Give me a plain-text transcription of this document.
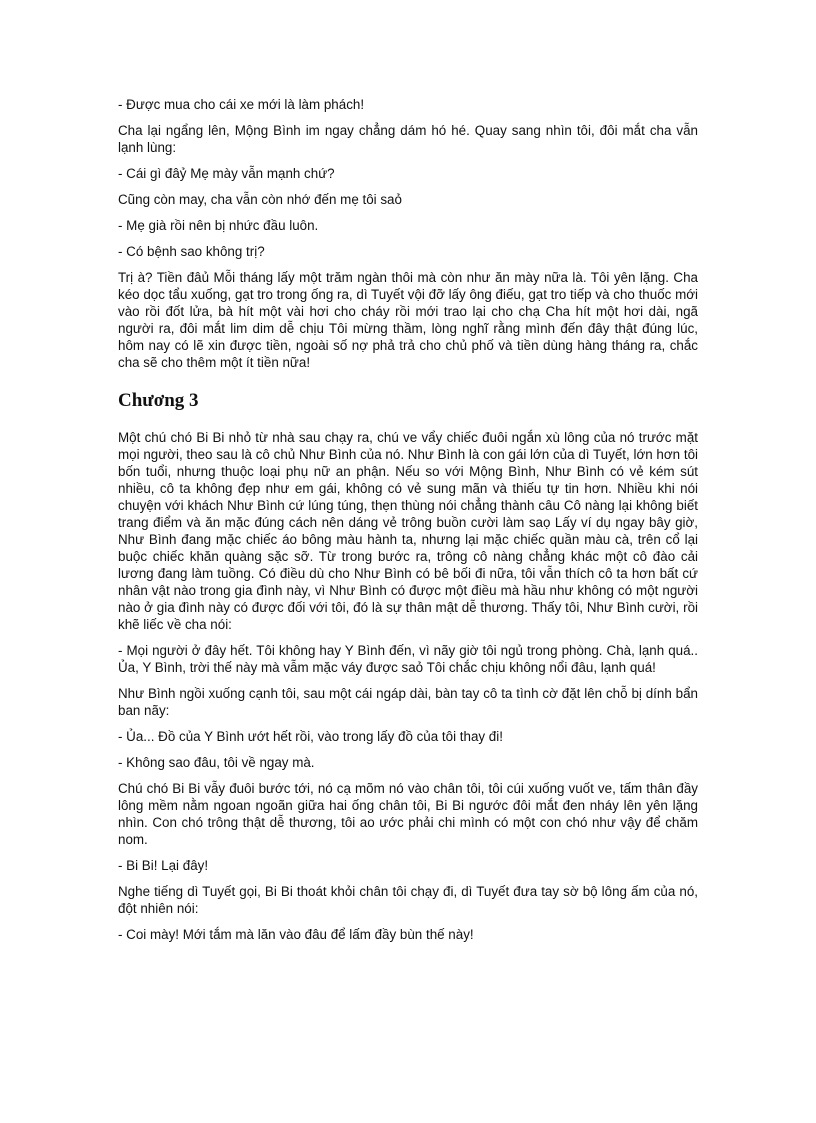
- Được mua cho cái xe mới là làm phách!

Cha lại ngẩng lên, Mộng Bình im ngay chẳng dám hó hé. Quay sang nhìn tôi, đôi mắt cha vẫn lạnh lùng:

- Cái gì đâỷ Mẹ mày vẫn mạnh chứ?

Cũng còn may, cha vẫn còn nhớ đến mẹ tôi saỏ

- Mẹ già rồi nên bị nhức đầu luôn.

- Có bệnh sao không trị?

Trị à? Tiền đâủ Mỗi tháng lấy một trăm ngàn thôi mà còn như ăn mày nữa là. Tôi yên lặng. Cha kéo dọc tẩu xuống, gạt tro trong ống ra, dì Tuyết vội đỡ lấy ông điếu, gạt tro tiếp và cho thuốc mới vào rồi đốt lửa, bà hít một vài hơi cho cháy rồi mới trao lại cho chạ Cha hít một hơi dài, ngã người ra, đôi mắt lim dim dễ chịu Tôi mừng thầm, lòng nghĩ rằng mình đến đây thật đúng lúc, hôm nay có lẽ xin được tiền, ngoài số nợ phả trả cho chủ phố và tiền dùng hàng tháng ra, chắc cha sẽ cho thêm một ít tiền nữa!

Chương 3

Một chú chó Bi Bi nhỏ từ nhà sau chạy ra, chú ve vẩy chiếc đuôi ngắn xù lông của nó trước mặt mọi người, theo sau là cô chủ Như Bình của nó. Như Bình là con gái lớn của dì Tuyết, lớn hơn tôi bốn tuổi, nhưng thuộc loại phụ nữ an phận. Nếu so với Mộng Bình, Như Bình có vẻ kém sút nhiều, cô ta không đẹp như em gái, không có vẻ sung mãn và thiếu tự tin hơn. Nhiều khi nói chuyện với khách Như Bình cứ lúng túng, thẹn thùng nói chẳng thành câu Cô nàng lại không biết trang điểm và ăn mặc đúng cách nên dáng vẻ trông buồn cười làm saọ Lấy ví dụ ngay bây giờ, Như Bình đang mặc chiếc áo bông màu hành ta, nhưng lại mặc chiếc quần màu cà, trên cổ lại buộc chiếc khăn quàng sặc sỡ. Từ trong bước ra, trông cô nàng chẳng khác một cô đào cải lương đang làm tuồng. Có điều dù cho Như Bình có bê bối đi nữa, tôi vẫn thích cô ta hơn bất cứ nhân vật nào trong gia đình này, vì Như Bình có được một điều mà hầu như không có một người nào ở gia đình này có được đối với tôi, đó là sự thân mật dễ thương. Thấy tôi, Như Bình cười, rồi khẽ liếc về cha nói:

- Mọi người ở đây hết. Tôi không hay Y Bình đến, vì nãy giờ tôi ngủ trong phòng. Chà, lạnh quá.. Ủa, Y Bình, trời thế này mà vẫm mặc váy được saỏ Tôi chắc chịu không nổi đâu, lạnh quá!

Như Bình ngồi xuống cạnh tôi, sau một cái ngáp dài, bàn tay cô ta tình cờ đặt lên chỗ bị dính bẩn ban nãy:

- Ủa... Đồ của Y Bình ướt hết rồi, vào trong lấy đồ của tôi thay đi!

- Không sao đâu, tôi về ngay mà.

Chú chó Bi Bi vẫy đuôi bước tới, nó cạ mõm nó vào chân tôi, tôi cúi xuống vuốt ve, tấm thân đầy lông mềm nằm ngoan ngoãn giữa hai ống chân tôi, Bi Bi ngước đôi mắt đen nháy lên yên lặng nhìn. Con chó trông thật dễ thương, tôi ao ước phải chi mình có một con chó như vậy để chăm nom.

- Bi Bi! Lại đây!

Nghe tiếng dì Tuyết gọi, Bi Bi thoát khỏi chân tôi chạy đi, dì Tuyết đưa tay sờ bộ lông ấm của nó, đột nhiên nói:

- Coi mày! Mới tắm mà lăn vào đâu để lấm đầy bùn thế này!
